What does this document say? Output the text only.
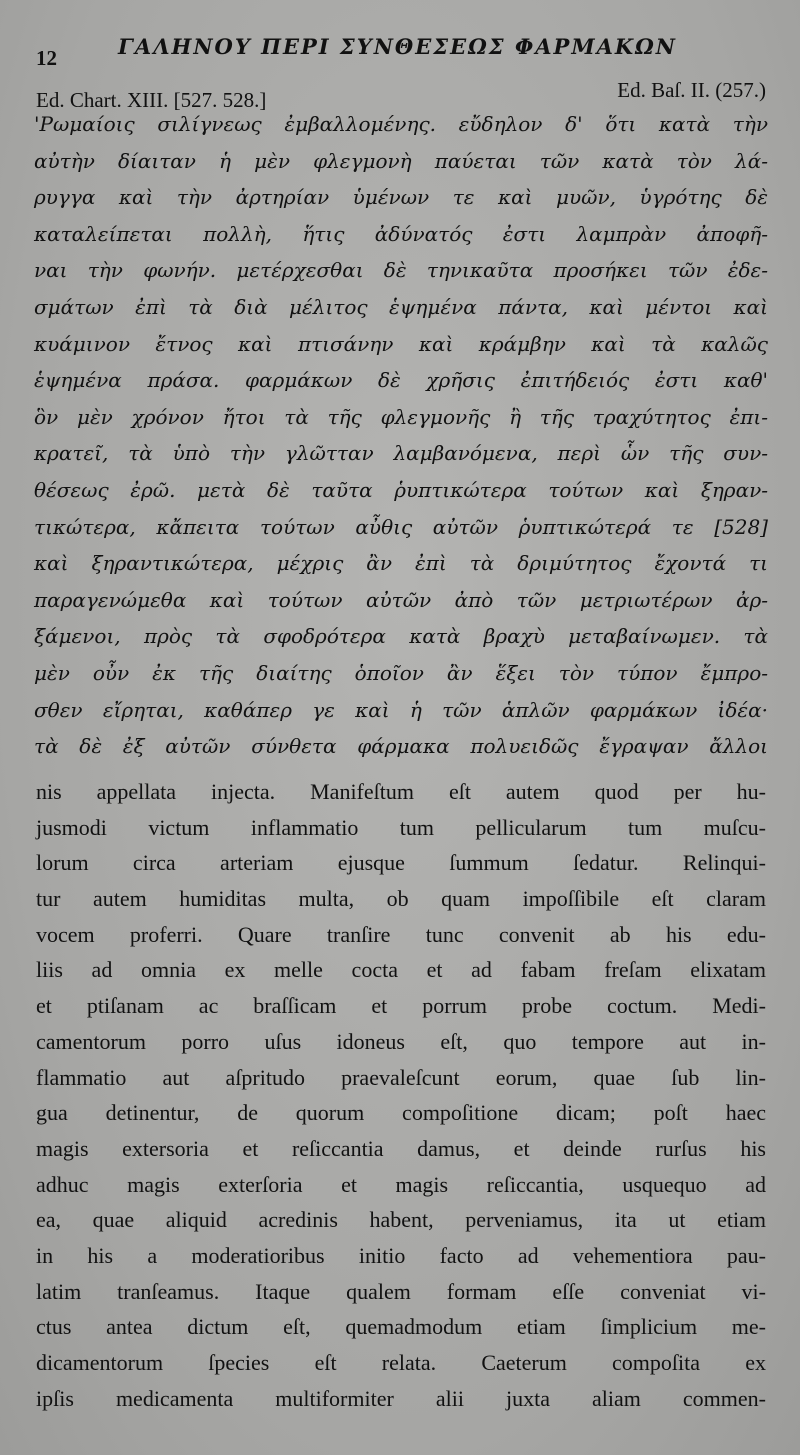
12	ΓΑΛΗΝΟΥ ΠΕΡΙ ΣΥΝΘΕΣΕΩΣ ΦΑΡΜΑΚΩΝ
Ed. Chart. XIII. [527. 528.]	Ed. Baſ. II. (257.)
'Ρωμαίοις σιλίγνεως ἐμβαλλομένης. εὔδηλον δ' ὅτι κατὰ τὴν
αὐτὴν δίαιταν ἡ μὲν φλεγμονὴ παύεται τῶν κατὰ τὸν λά-
ρυγγα καὶ τὴν ἀρτηρίαν ὑμένων τε καὶ μυῶν, ὑγρότης δὲ
καταλείπεται πολλὴ, ἥτις ἀδύνατός ἐστι λαμπρὰν ἀποφῆ-
ναι τὴν φωνήν. μετέρχεσθαι δὲ τηνικαῦτα προσήκει τῶν ἐδε-
σμάτων ἐπὶ τὰ διὰ μέλιτος ἑψημένα πάντα, καὶ μέντοι καὶ
κυάμινον ἔτνος καὶ πτισάνην καὶ κράμβην καὶ τὰ καλῶς
ἑψημένα πράσα. φαρμάκων δὲ χρῆσις ἐπιτήδειός ἐστι καθ'
ὃν μὲν χρόνον ἤτοι τὰ τῆς φλεγμονῆς ἢ τῆς τραχύτητος ἐπι-
κρατεῖ, τὰ ὑπὸ τὴν γλῶτταν λαμβανόμενα, περὶ ὧν τῆς συν-
θέσεως ἐρῶ. μετὰ δὲ ταῦτα ῥυπτικώτερα τούτων καὶ ξηραν-
τικώτερα, κἄπειτα τούτων αὖθις αὐτῶν ῥυπτικώτερά τε [528]
καὶ ξηραντικώτερα, μέχρις ἂν ἐπὶ τὰ δριμύτητος ἔχοντά τι
παραγενώμεθα καὶ τούτων αὐτῶν ἀπὸ τῶν μετριωτέρων ἀρ-
ξάμενοι, πρὸς τὰ σφοδρότερα κατὰ βραχὺ μεταβαίνωμεν. τὰ
μὲν οὖν ἐκ τῆς διαίτης ὁποῖον ἂν ἕξει τὸν τύπον ἔμπρο-
σθεν εἴρηται, καθάπερ γε καὶ ἡ τῶν ἁπλῶν φαρμάκων ἰδέα·
τὰ δὲ ἐξ αὐτῶν σύνθετα φάρμακα πολυειδῶς ἔγραψαν ἄλλοι
nis appellata injecta. Manifeſtum eſt autem quod per hu-
jusmodi victum inflammatio tum pellicularum tum muſcu-
lorum circa arteriam ejusque ſummum ſedatur. Relinqui-
tur autem humiditas multa, ob quam impoſſibile eſt claram
vocem proferri. Quare tranſire tunc convenit ab his edu-
liis ad omnia ex melle cocta et ad fabam freſam elixatam
et ptiſanam ac braſſicam et porrum probe coctum. Medi-
camentorum porro uſus idoneus eſt, quo tempore aut in-
flammatio aut aſpritudo praevaleſcunt eorum, quae ſub lin-
gua detinentur, de quorum compoſitione dicam; poſt haec
magis extersoria et reſiccantia damus, et deinde rurſus his
adhuc magis exterſoria et magis reſiccantia, usquequo ad
ea, quae aliquid acredinis habent, perveniamus, ita ut etiam
in his a moderatioribus initio facto ad vehementiora pau-
latim tranſeamus. Itaque qualem formam eſſe conveniat vi-
ctus antea dictum eſt, quemadmodum etiam ſimplicium me-
dicamentorum ſpecies eſt relata. Caeterum compoſita ex
ipſis medicamenta multiformiter alii juxta aliam commen-
